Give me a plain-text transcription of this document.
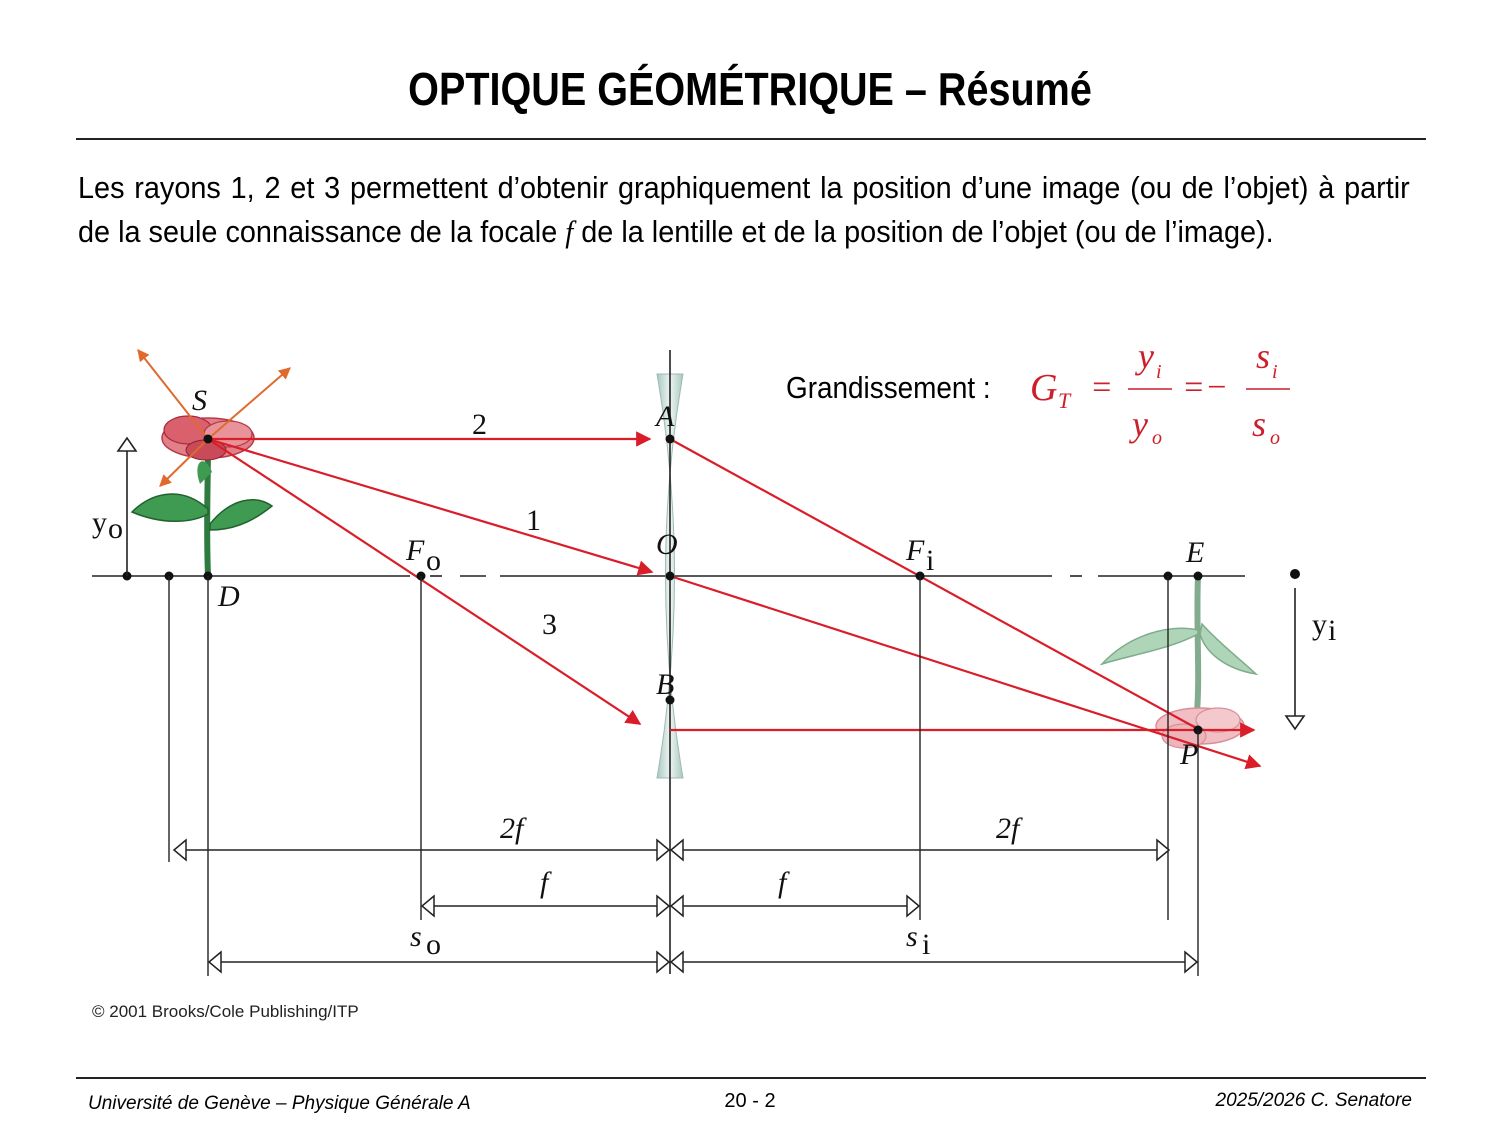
OPTIQUE GÉOMÉTRIQUE – Résumé
Les rayons 1, 2 et 3 permettent d’obtenir graphiquement la position d’une image (ou de l’objet) à partir de la seule connaissance de la focale f de la lentille et de la position de l’objet (ou de l’image).
S	A
O
B
D
E
P
F o	F i
2
1
3
y o
y i
2f	2f
f	f
s o	s i
G T =
y i
y o
=−
s i
s o
Grandissement :
© 2001 Brooks/Cole Publishing/ITP
Université de Genève – Physique Générale A	20 - 2	2025/2026 C. Senatore
